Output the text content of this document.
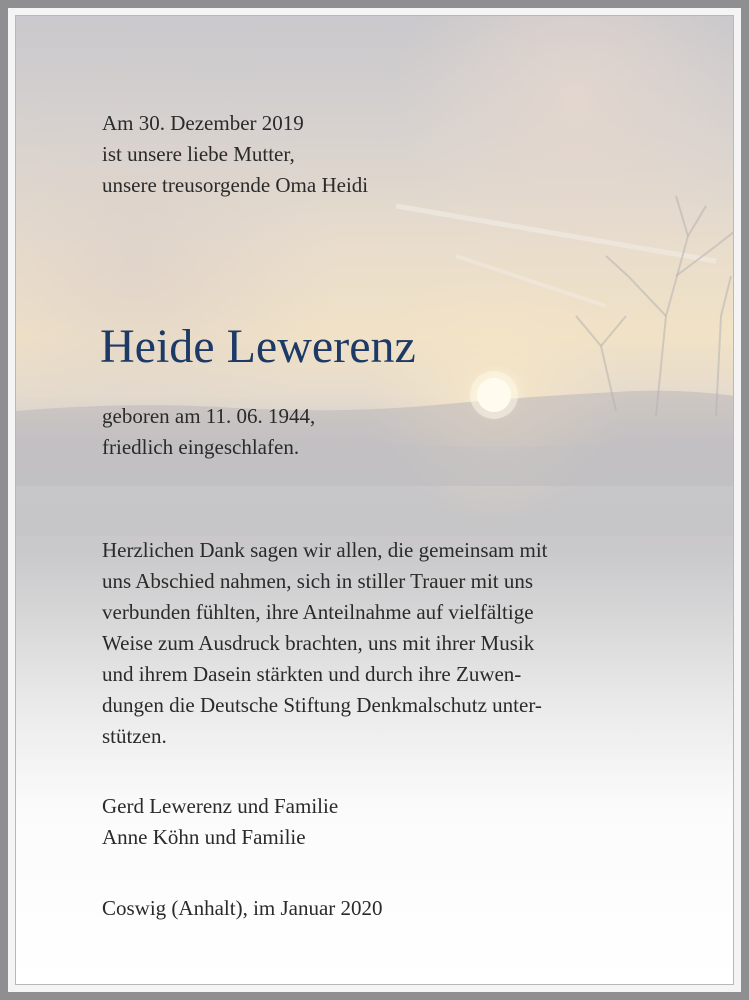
Am 30. Dezember 2019
ist unsere liebe Mutter,
unsere treusorgende Oma Heidi
Heide Lewerenz
geboren am 11. 06. 1944,
friedlich eingeschlafen.
Herzlichen Dank sagen wir allen, die gemeinsam mit
uns Abschied nahmen, sich in stiller Trauer mit uns
verbunden fühlten, ihre Anteilnahme auf vielfältige
Weise zum Ausdruck brachten, uns mit ihrer Musik
und ihrem Dasein stärkten und durch ihre Zuwen-
dungen die Deutsche Stiftung Denkmalschutz unter-
stützen.
Gerd Lewerenz und Familie
Anne Köhn und Familie
Coswig (Anhalt), im Januar 2020
